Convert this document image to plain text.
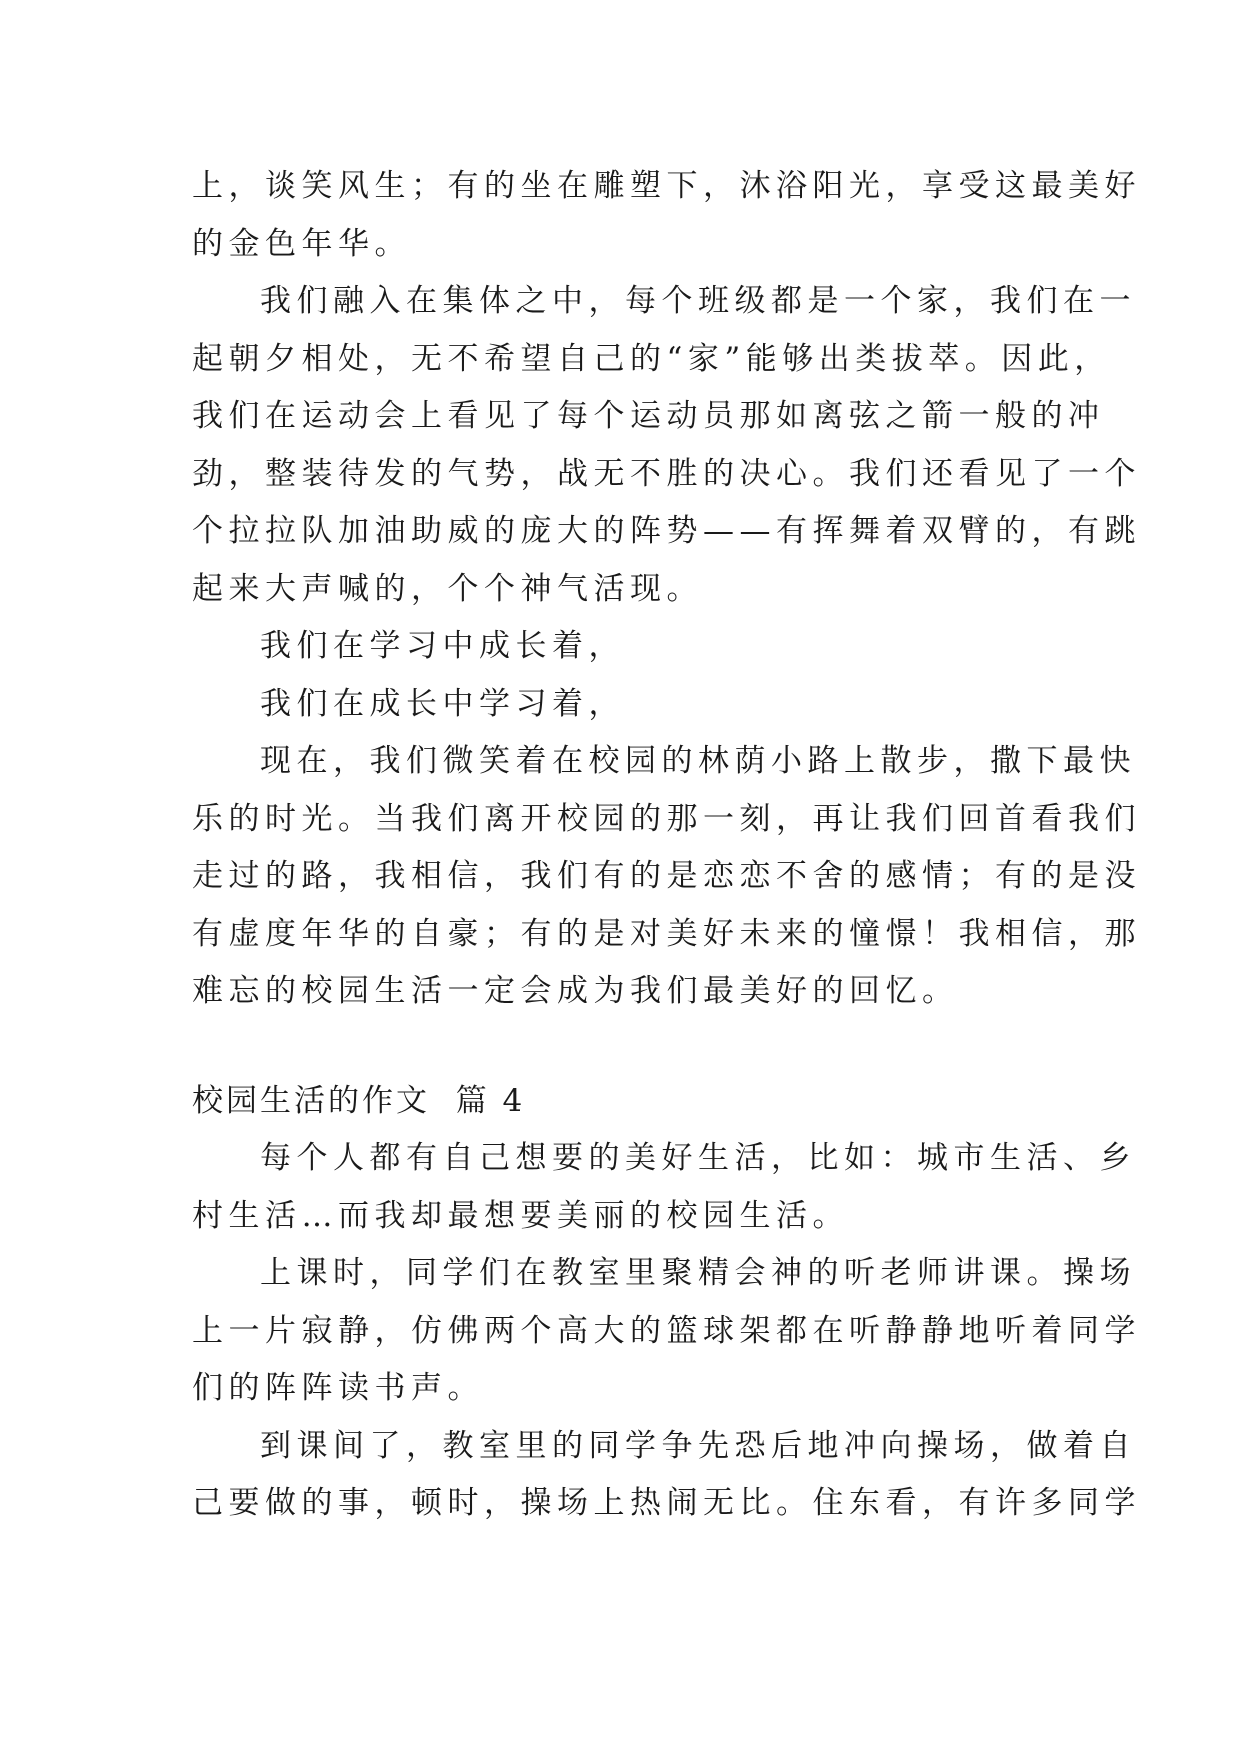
上，谈笑风生；有的坐在雕塑下，沐浴阳光，享受这最美好
的金色年华。
我们融入在集体之中，每个班级都是一个家，我们在一
起朝夕相处，无不希望自己的“家”能够出类拔萃。因此，
我们在运动会上看见了每个运动员那如离弦之箭一般的冲
劲，整装待发的气势，战无不胜的决心。我们还看见了一个
个拉拉队加油助威的庞大的阵势——有挥舞着双臂的，有跳
起来大声喊的，个个神气活现。
我们在学习中成长着，
我们在成长中学习着，
现在，我们微笑着在校园的林荫小路上散步，撒下最快
乐的时光。当我们离开校园的那一刻，再让我们回首看我们
走过的路，我相信，我们有的是恋恋不舍的感情；有的是没
有虚度年华的自豪；有的是对美好未来的憧憬！我相信，那
难忘的校园生活一定会成为我们最美好的回忆。
校园生活的作文  篇 4
每个人都有自己想要的美好生活，比如：城市生活、乡
村生活…而我却最想要美丽的校园生活。
上课时，同学们在教室里聚精会神的听老师讲课。操场
上一片寂静，仿佛两个高大的篮球架都在听静静地听着同学
们的阵阵读书声。
到课间了，教室里的同学争先恐后地冲向操场，做着自
己要做的事，顿时，操场上热闹无比。住东看，有许多同学
